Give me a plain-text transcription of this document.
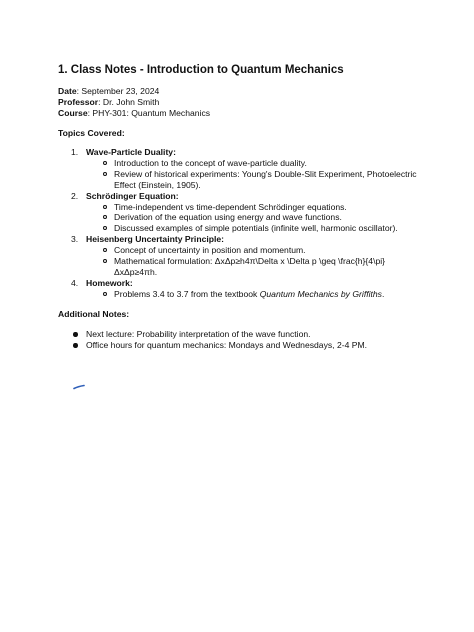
1. Class Notes - Introduction to Quantum Mechanics
Date: September 23, 2024
Professor: Dr. John Smith
Course: PHY-301: Quantum Mechanics
Topics Covered:
1. Wave-Particle Duality:
Introduction to the concept of wave-particle duality.
Review of historical experiments: Young's Double-Slit Experiment, Photoelectric Effect (Einstein, 1905).
2. Schrödinger Equation:
Time-independent vs time-dependent Schrödinger equations.
Derivation of the equation using energy and wave functions.
Discussed examples of simple potentials (infinite well, harmonic oscillator).
3. Heisenberg Uncertainty Principle:
Concept of uncertainty in position and momentum.
Mathematical formulation: ΔxΔp≥h4π\Delta x \Delta p \geq \frac{h}{4\pi}ΔxΔp≥4πh.
4. Homework:
Problems 3.4 to 3.7 from the textbook Quantum Mechanics by Griffiths.
Additional Notes:
Next lecture: Probability interpretation of the wave function.
Office hours for quantum mechanics: Mondays and Wednesdays, 2-4 PM.
